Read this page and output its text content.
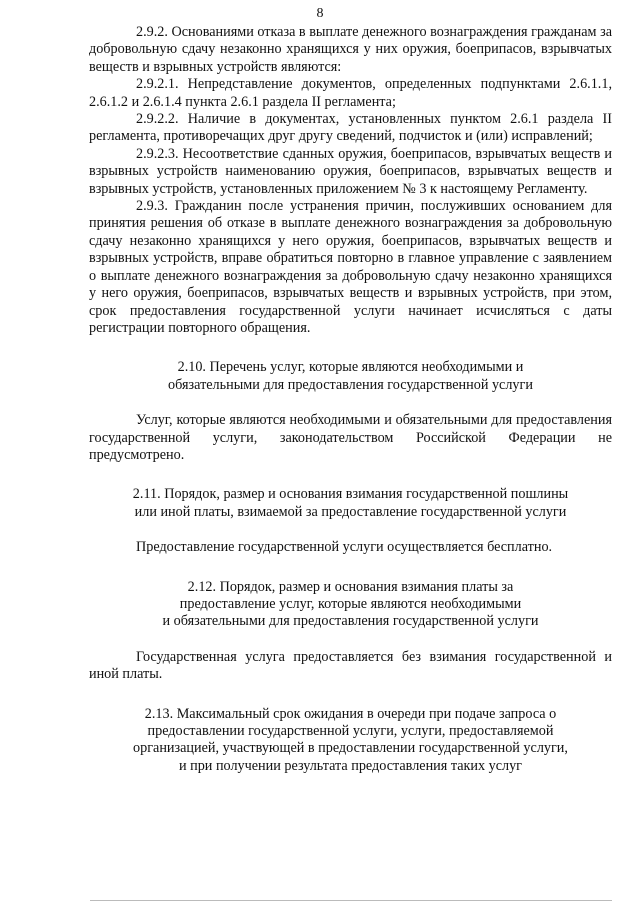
8

2.9.2. Основаниями отказа в выплате денежного вознаграждения гражданам за добровольную сдачу незаконно хранящихся у них оружия, боеприпасов, взрывчатых веществ и взрывных устройств являются:

2.9.2.1. Непредставление документов, определенных подпунктами 2.6.1.1, 2.6.1.2 и 2.6.1.4 пункта 2.6.1 раздела II регламента;

2.9.2.2. Наличие в документах, установленных пунктом 2.6.1 раздела II регламента, противоречащих друг другу сведений, подчисток и (или) исправлений;

2.9.2.3. Несоответствие сданных оружия, боеприпасов, взрывчатых веществ и взрывных устройств наименованию оружия, боеприпасов, взрывчатых веществ и взрывных устройств, установленных приложением № 3 к настоящему Регламенту.

2.9.3. Гражданин после устранения причин, послуживших основанием для принятия решения об отказе в выплате денежного вознаграждения за добровольную сдачу незаконно хранящихся у него оружия, боеприпасов, взрывчатых веществ и взрывных устройств, вправе обратиться повторно в главное управление с заявлением о выплате денежного вознаграждения за добровольную сдачу незаконно хранящихся у него оружия, боеприпасов, взрывчатых веществ и взрывных устройств, при этом, срок предоставления государственной услуги начинает исчисляться с даты регистрации повторного обращения.

2.10. Перечень услуг, которые являются необходимыми и
обязательными для предоставления государственной услуги

Услуг, которые являются необходимыми и обязательными для предоставления государственной услуги, законодательством Российской Федерации не предусмотрено.

2.11. Порядок, размер и основания взимания государственной пошлины
или иной платы, взимаемой за предоставление государственной услуги

Предоставление государственной услуги осуществляется бесплатно.

2.12. Порядок, размер и основания взимания платы за
предоставление услуг, которые являются необходимыми
и обязательными для предоставления государственной услуги

Государственная услуга предоставляется без взимания государственной и иной платы.

2.13. Максимальный срок ожидания в очереди при подаче запроса о
предоставлении государственной услуги, услуги, предоставляемой
организацией, участвующей в предоставлении государственной услуги,
и при получении результата предоставления таких услуг
